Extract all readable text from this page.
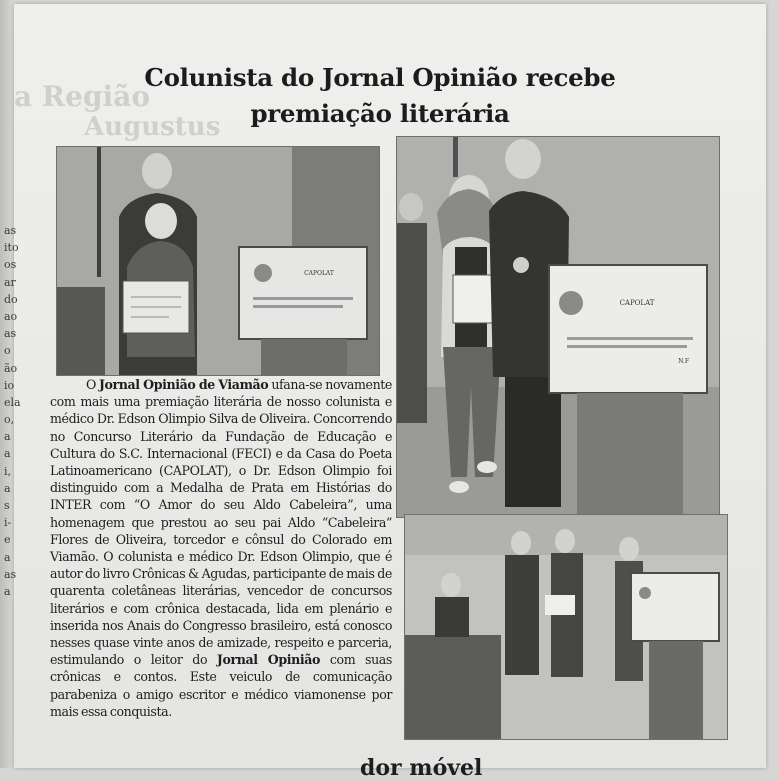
a Região
Augustus
as
ito
os
ar
do
ao
as
o
ão
io
ela
o,
a
a
i,
a
s
i-
e
a
as
a
Colunista do Jornal Opinião recebe
premiação literária
CAPOLAT
CAPOLAT
N.F
O Jornal Opinião de Viamão ufana-se novamente com mais uma premiação literária de nosso colunista e médico Dr. Edson Olimpio Silva de Oliveira. Concorrendo no Concurso Literário da Fundação de Educação e Cultura do S.C. Internacional (FECI) e da Casa do Poeta Latinoamericano (CAPOLAT), o Dr. Edson Olimpio foi distinguido com a Medalha de Prata em Histórias do INTER com “O Amor do seu Aldo Cabeleira”, uma homenagem que prestou ao seu pai Aldo “Cabeleira” Flores de Oliveira, torcedor e cônsul do Colorado em Viamão. O colunista e médico Dr. Edson Olimpio, que é autor do livro Crônicas & Agudas, participante de mais de quarenta coletâneas literárias, vencedor de concursos literários e com crônica destacada, lida em plenário e inserida nos Anais do Congresso brasileiro, está conosco nesses quase vinte anos de amizade, respeito e parceria, estimulando o leitor do Jornal Opinião com suas crônicas e contos. Este veiculo de comunicação parabeniza o amigo escritor e médico viamonense por mais essa conquista.
dor móvel
